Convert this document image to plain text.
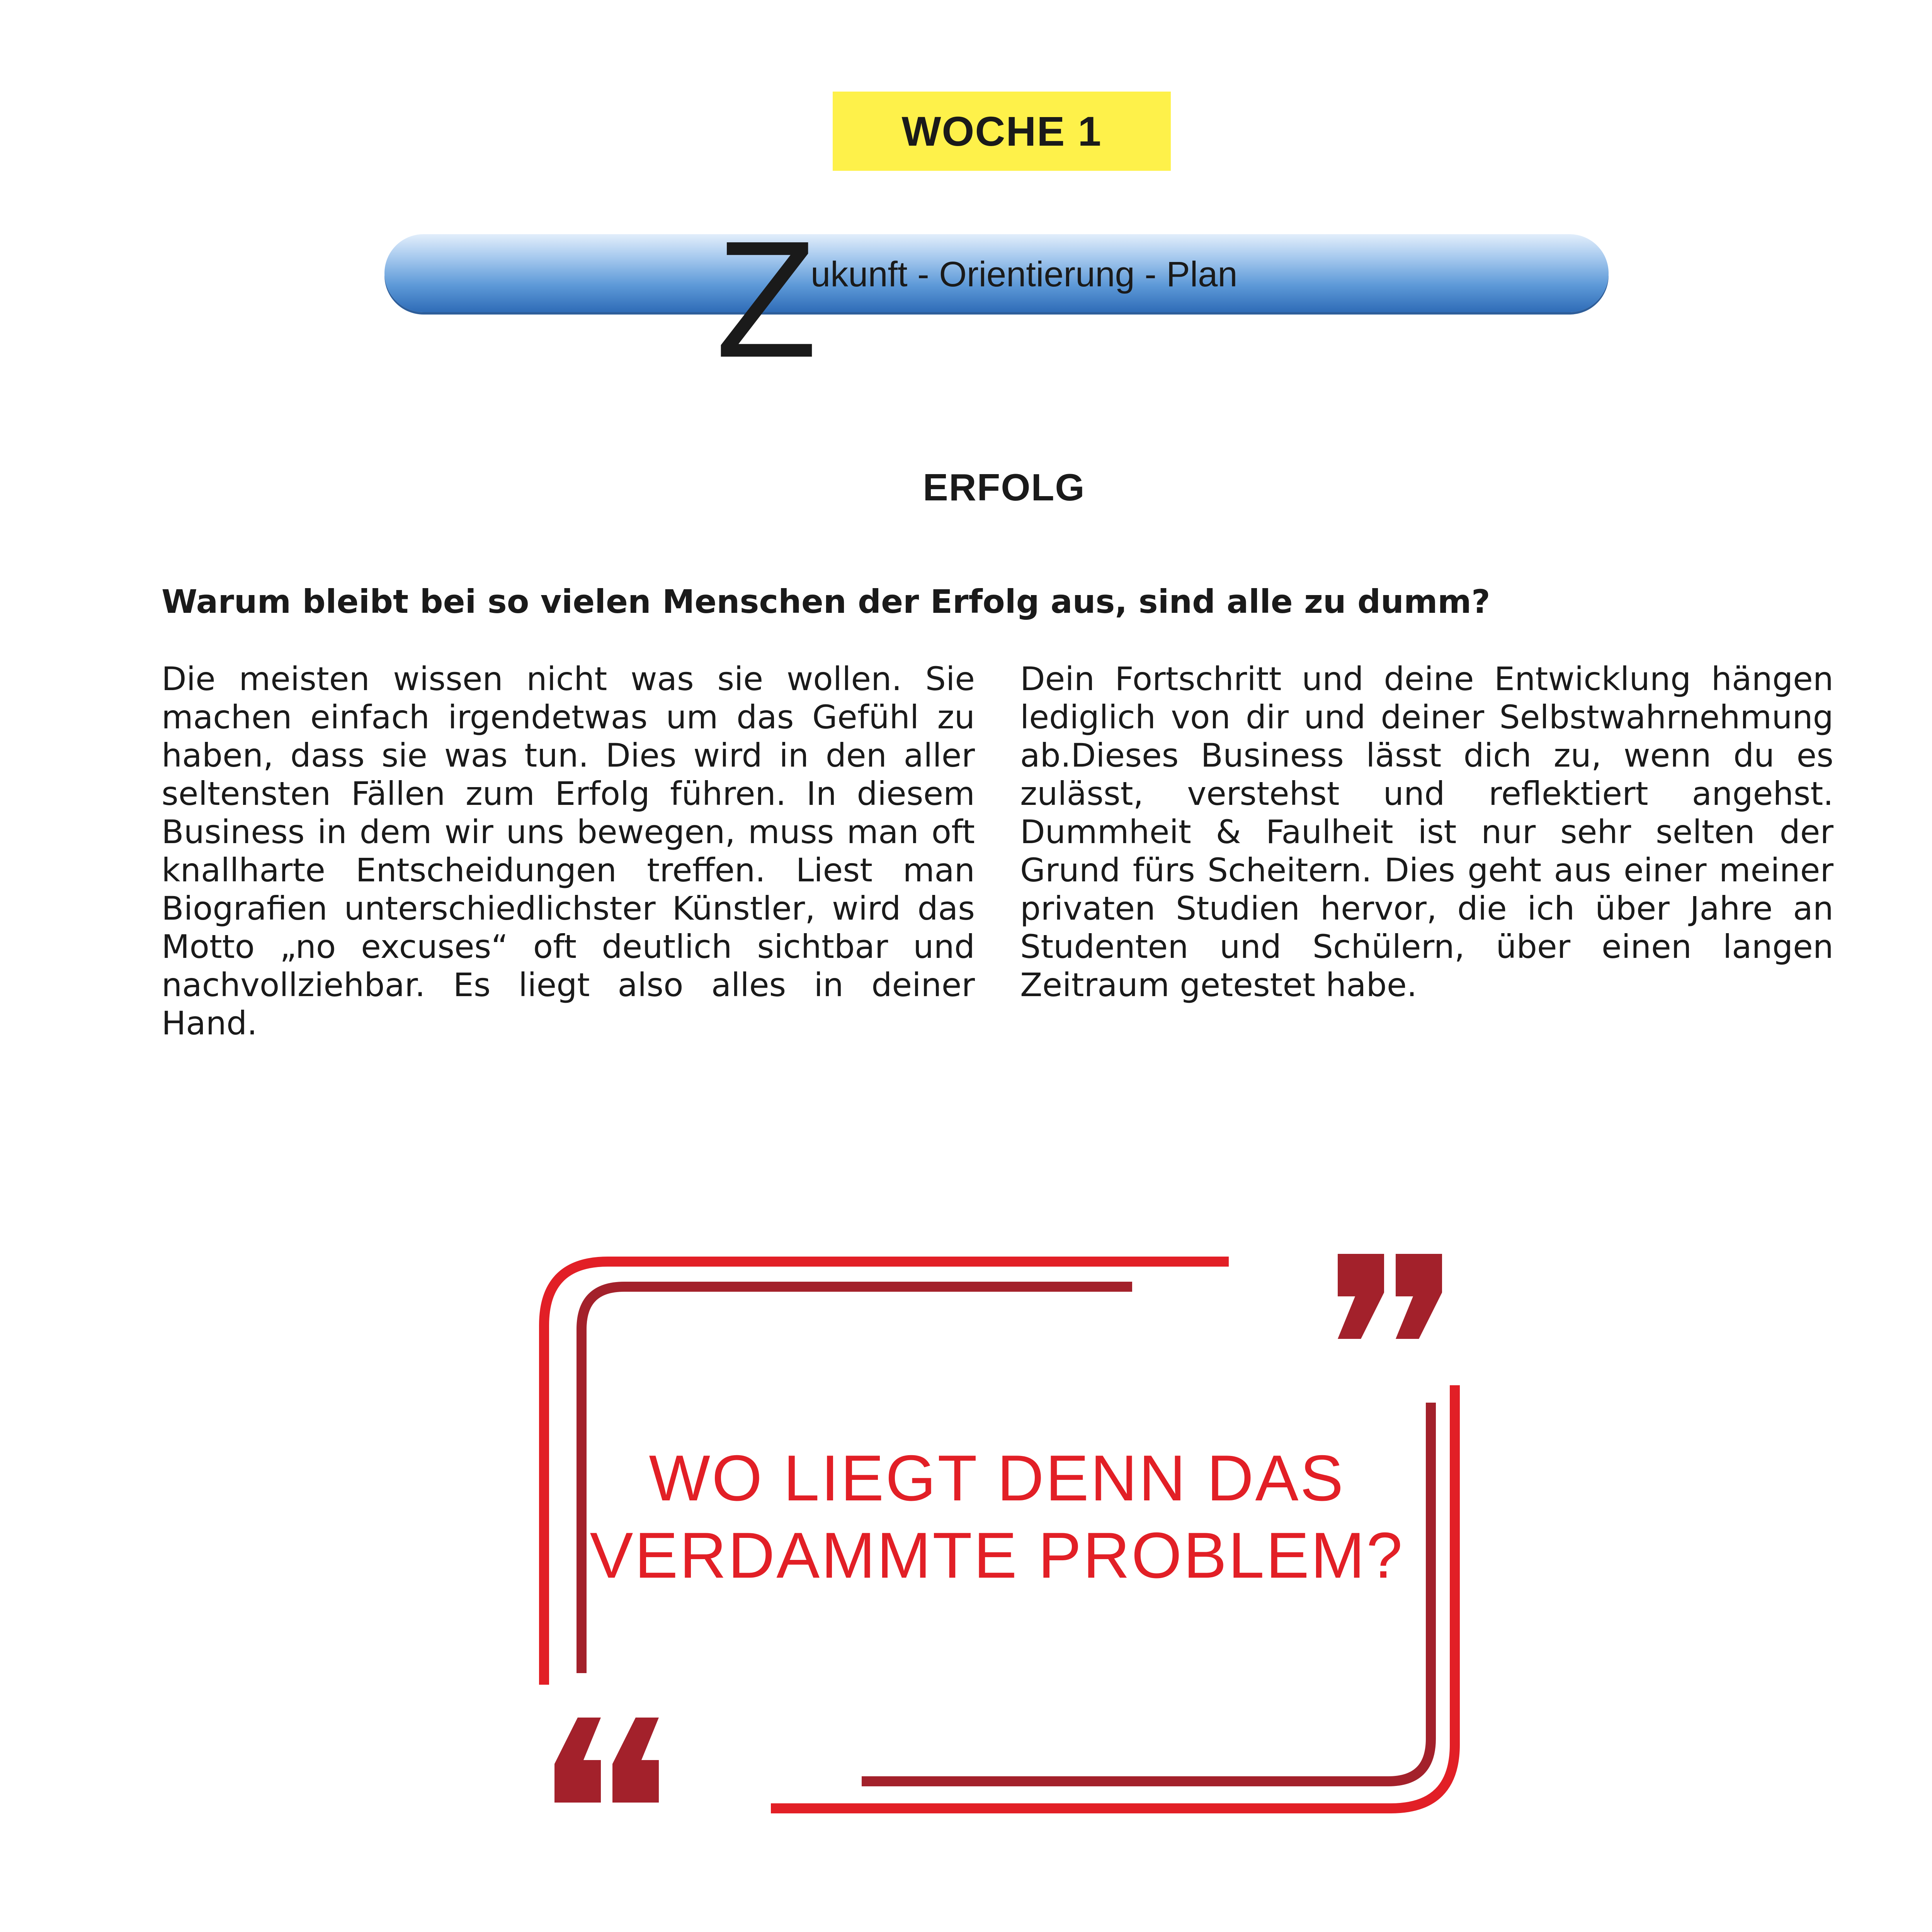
WOCHE 1
Z
ukunft - Orientierung - Plan
ERFOLG
Warum bleibt bei so vielen Menschen der Erfolg aus, sind alle zu dumm?
Die meisten wissen nicht was sie wollen. Sie machen einfach irgendetwas um das Gefühl zu haben, dass sie was tun. Dies wird in den aller seltensten Fällen zum Erfolg führen. In diesem Business in dem wir uns bewegen, muss man oft knallharte Entscheidungen treffen. Liest man Biografien unterschiedlichster Künstler, wird das Motto „no excuses“ oft deutlich sichtbar und nachvollziehbar. Es liegt also alles in deiner Hand.
Dein Fortschritt und deine Entwicklung hängen lediglich von dir und deiner Selbstwahrnehmung ab.Dieses Business lässt dich zu, wenn du es zulässt, verstehst und reflektiert angehst. Dummheit & Faulheit ist nur sehr selten der Grund fürs Scheitern. Dies geht aus einer meiner privaten Studien hervor, die ich über Jahre an Studenten und Schülern, über einen langen Zeitraum getestet habe.
WO LIEGT DENN DAS
VERDAMMTE PROBLEM?
